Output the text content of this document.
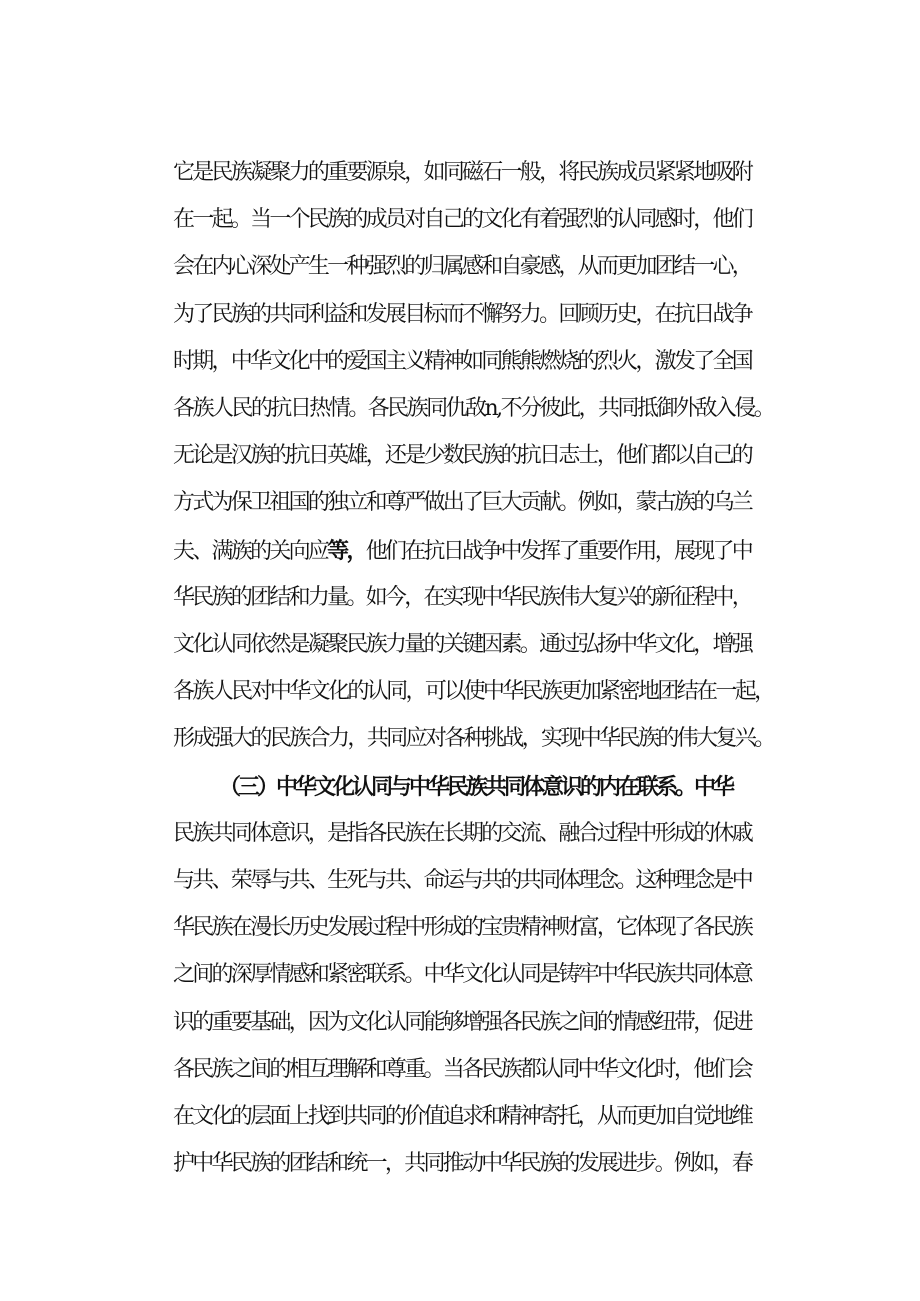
它是民族凝聚力的重要源泉，如同磁石一般，将民族成员紧紧地吸附
在一起。当一个民族的成员对自己的文化有着强烈的认同感时，他们
会在内心深处产生一种强烈的归属感和自豪感，从而更加团结一心，
为了民族的共同利益和发展目标而不懈努力。回顾历史，在抗日战争
时期，中华文化中的爱国主义精神如同熊熊燃烧的烈火，激发了全国
各族人民的抗日热情。各民族同仇敌n,不分彼此，共同抵御外敌入侵。
无论是汉族的抗日英雄，还是少数民族的抗日志士，他们都以自己的
方式为保卫祖国的独立和尊严做出了巨大贡献。例如，蒙古族的乌兰
夫、满族的关向应等，他们在抗日战争中发挥了重要作用，展现了中
华民族的团结和力量。如今，在实现中华民族伟大复兴的新征程中，
文化认同依然是凝聚民族力量的关键因素。通过弘扬中华文化，增强
各族人民对中华文化的认同，可以使中华民族更加紧密地团结在一起，
形成强大的民族合力，共同应对各种挑战，实现中华民族的伟大复兴。
（三）中华文化认同与中华民族共同体意识的内在联系。中华
民族共同体意识，是指各民族在长期的交流、融合过程中形成的休戚
与共、荣辱与共、生死与共、命运与共的共同体理念。这种理念是中
华民族在漫长历史发展过程中形成的宝贵精神财富，它体现了各民族
之间的深厚情感和紧密联系。中华文化认同是铸牢中华民族共同体意
识的重要基础，因为文化认同能够增强各民族之间的情感纽带，促进
各民族之间的相互理解和尊重。当各民族都认同中华文化时，他们会
在文化的层面上找到共同的价值追求和精神寄托，从而更加自觉地维
护中华民族的团结和统一，共同推动中华民族的发展进步。例如，春
